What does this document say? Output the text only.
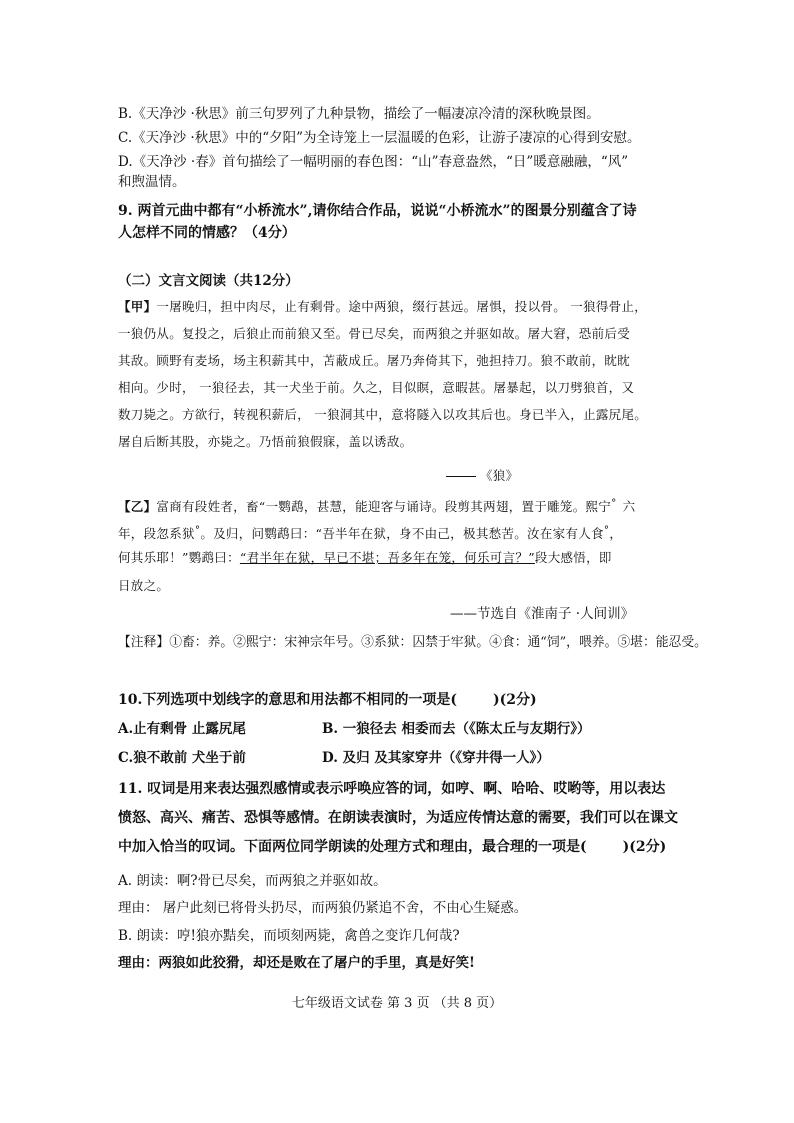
B.《天净沙 ·秋思》前三句罗列了九种景物，描绘了一幅凄凉冷清的深秋晚景图。
C.《天净沙 ·秋思》中的“夕阳”为全诗笼上一层温暖的色彩，让游子凄凉的心得到安慰。
D.《天净沙 ·春》首句描绘了一幅明丽的春色图：“山”春意盎然，“日”暖意融融，“风”
和煦温情。
9. 两首元曲中都有“小桥流水”,请你结合作品，说说“小桥流水”的图景分别蕴含了诗
人怎样不同的情感？（4分）
（二）文言文阅读（共12分）
【甲】一屠晚归，担中肉尽，止有剩骨。途中两狼，缀行甚远。屠惧，投以骨。 一狼得骨止，
一狼仍从。复投之，后狼止而前狼又至。骨已尽矣，而两狼之并驱如故。屠大窘，恐前后受
其敌。顾野有麦场，场主积薪其中，苫蔽成丘。屠乃奔倚其下，弛担持刀。狼不敢前，眈眈
相向。少时， 一狼径去，其一犬坐于前。久之，目似瞑，意暇甚。屠暴起，以刀劈狼首，又
数刀毙之。方欲行，转视积薪后， 一狼洞其中，意将隧入以攻其后也。身已半入，止露尻尾。
屠自后断其股，亦毙之。乃悟前狼假寐，盖以诱敌。
《狼》
【乙】富商有段姓者，畜“一鹦鹉，甚慧，能迎客与诵诗。段剪其两翅，置于雕笼。熙宁° 六
年，段忽系狱°。及归，问鹦鹉曰：“吾半年在狱，身不由己，极其愁苦。汝在家有人食°，
何其乐耶！”鹦鹉曰：“君半年在狱，早已不堪；吾多年在笼，何乐可言？”段大感悟，即
日放之。
——节选自《淮南子 ·人间训》
【注释】①畜：养。②熙宁：宋神宗年号。③系狱：囚禁于牢狱。④食：通“饲”，喂养。⑤堪：能忍受。
10.下列选项中划线字的意思和用法都不相同的一项是(	)(2分)
A.止有剩骨 止露尻尾	B. 一狼径去 相委而去（《陈太丘与友期行》）
C.狼不敢前 犬坐于前	D. 及归 及其家穿井（《穿井得一人》）
11. 叹词是用来表达强烈感情或表示呼唤应答的词，如哼、啊、哈哈、哎哟等，用以表达
愤怒、高兴、痛苦、恐惧等感情。在朗读表演时，为适应传情达意的需要，我们可以在课文
中加入恰当的叹词。下面两位同学朗读的处理方式和理由，最合理的一项是(	)(2分)
A. 朗读：啊?骨已尽矣，而两狼之并驱如故。
理由： 屠户此刻已将骨头扔尽，而两狼仍紧追不舍，不由心生疑惑。
B. 朗读：哼!狼亦黠矣，而顷刻两毙，禽兽之变诈几何哉?
理由：两狼如此狡猾，却还是败在了屠户的手里，真是好笑!
七年级语文试卷 第 3 页 （共 8 页）
